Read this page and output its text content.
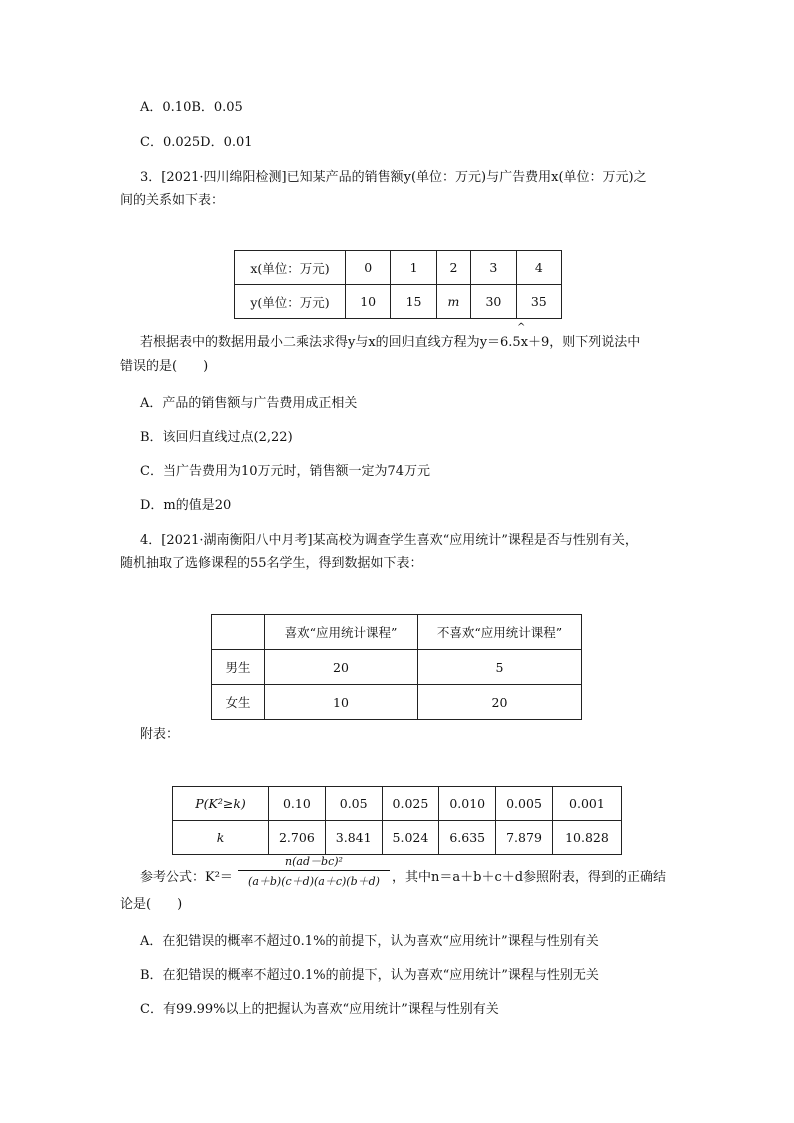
A．0.10B．0.05
C．0.025D．0.01
3．[2021·四川绵阳检测]已知某产品的销售额y(单位：万元)与广告费用x(单位：万元)之
间的关系如下表：
x(单位：万元)	0	1	2	3	4
y(单位：万元)	10	15	m	30	35
若根据表中的数据用最小二乘法求得y与x的回归直线方程为y＝6.5x＋9，则下列说法中
^
错误的是(　　)
A．产品的销售额与广告费用成正相关
B．该回归直线过点(2,22)
C．当广告费用为10万元时，销售额一定为74万元
D．m的值是20
4．[2021·湖南衡阳八中月考]某高校为调查学生喜欢“应用统计”课程是否与性别有关，
随机抽取了选修课程的55名学生，得到数据如下表：
	喜欢“应用统计课程”	不喜欢“应用统计课程”
男生	20	5
女生	10	20
附表：
P(K²≥k)	0.10	0.05	0.025	0.010	0.005	0.001
k	2.706	3.841	5.024	6.635	7.879	10.828
参考公式：$K^2= \frac{\text{n(ad－bc)²}}{(a+b)(c+d)(a+c)(b+d)}$ ，其中n＝a＋b＋c＋d参照附表，得到的正确结
论是(　　)
A．在犯错误的概率不超过0.1%的前提下，认为喜欢“应用统计”课程与性别有关
B．在犯错误的概率不超过0.1%的前提下，认为喜欢“应用统计”课程与性别无关
C．有99.99%以上的把握认为喜欢“应用统计”课程与性别有关
